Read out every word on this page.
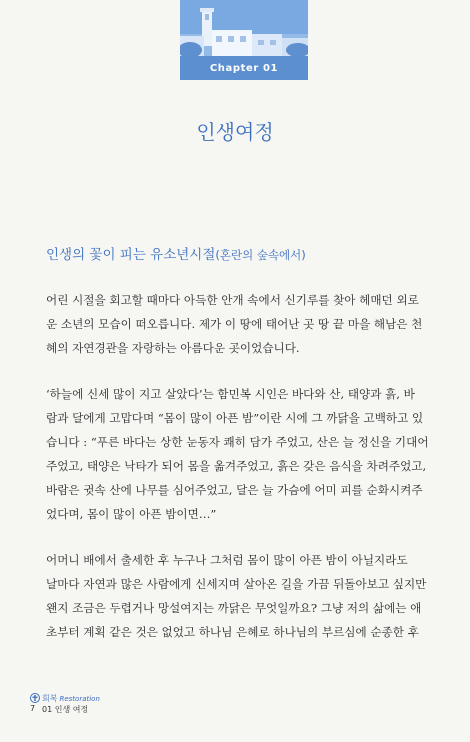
Chapter 01
인생여정
인생의 꽃이 피는 유소년시절(혼란의 숲속에서)
어린 시절을 회고할 때마다 아득한 안개 속에서 신기루를 찾아 헤매던 외로
운 소년의 모습이 떠오릅니다. 제가 이 땅에 태어난 곳 땅 끝 마을 해남은 천
혜의 자연경관을 자랑하는 아름다운 곳이었습니다.
‘하늘에 신세 많이 지고 살았다’는 함민복 시인은 바다와 산, 태양과 흙, 바
람과 달에게 고맙다며 “몸이 많이 아픈 밤”이란 시에 그 까닭을 고백하고 있
습니다 : “푸른 바다는 상한 눈동자 쾌히 담가 주었고, 산은 늘 정신을 기대어
주었고, 태양은 낙타가 되어 몸을 옮겨주었고, 흙은 갖은 음식을 차려주었고,
바람은 귓속 산에 나무를 심어주었고, 달은 늘 가슴에 어미 피를 순화시켜주
었다며, 몸이 많이 아픈 밤이면…”
어머니 배에서 출세한 후 누구나 그처럼 몸이 많이 아픈 밤이 아닐지라도
날마다 자연과 많은 사람에게 신세지며 살아온 길을 가끔 뒤돌아보고 싶지만
왠지 조금은 두렵거나 망설여지는 까닭은 무엇일까요? 그냥 저의 삶에는 애
초부터 계획 같은 것은 없었고 하나님 은혜로 하나님의 부르심에 순종한 후
회복 Restoration
7 01 인생 여정
